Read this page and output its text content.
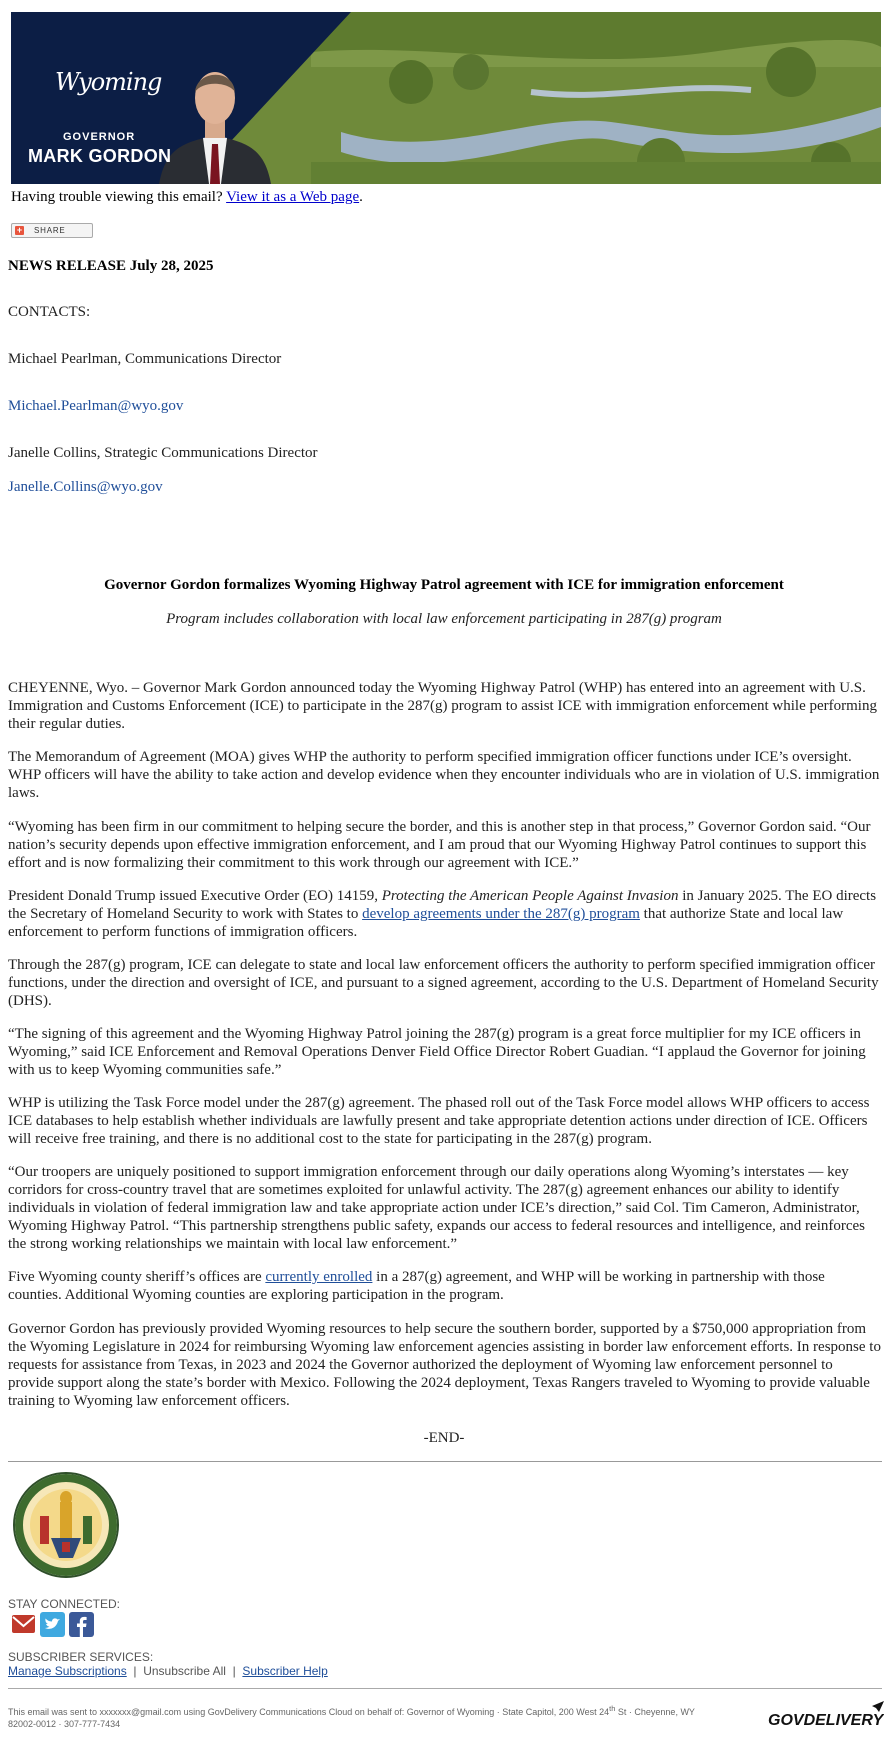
Wyoming
GOVERNOR
MARK GORDON
Having trouble viewing this email? View it as a Web page.
+ SHARE
NEWS RELEASE July 28, 2025
CONTACTS:
Michael Pearlman, Communications Director
Michael.Pearlman@wyo.gov
Janelle Collins, Strategic Communications Director
Janelle.Collins@wyo.gov
Governor Gordon formalizes Wyoming Highway Patrol agreement with ICE for immigration enforcement
Program includes collaboration with local law enforcement participating in 287(g) program
CHEYENNE, Wyo. – Governor Mark Gordon announced today the Wyoming Highway Patrol (WHP) has entered into an agreement with U.S. Immigration and Customs Enforcement (ICE) to participate in the 287(g) program to assist ICE with immigration enforcement while performing their regular duties.
The Memorandum of Agreement (MOA) gives WHP the authority to perform specified immigration officer functions under ICE’s oversight. WHP officers will have the ability to take action and develop evidence when they encounter individuals who are in violation of U.S. immigration laws.
“Wyoming has been firm in our commitment to helping secure the border, and this is another step in that process,” Governor Gordon said. “Our nation’s security depends upon effective immigration enforcement, and I am proud that our Wyoming Highway Patrol continues to support this effort and is now formalizing their commitment to this work through our agreement with ICE.”
President Donald Trump issued Executive Order (EO) 14159, Protecting the American People Against Invasion in January 2025. The EO directs the Secretary of Homeland Security to work with States to develop agreements under the 287(g) program that authorize State and local law enforcement to perform functions of immigration officers.
Through the 287(g) program, ICE can delegate to state and local law enforcement officers the authority to perform specified immigration officer functions, under the direction and oversight of ICE, and pursuant to a signed agreement, according to the U.S. Department of Homeland Security (DHS).
“The signing of this agreement and the Wyoming Highway Patrol joining the 287(g) program is a great force multiplier for my ICE officers in Wyoming,” said ICE Enforcement and Removal Operations Denver Field Office Director Robert Guadian. “I applaud the Governor for joining with us to keep Wyoming communities safe.”
WHP is utilizing the Task Force model under the 287(g) agreement. The phased roll out of the Task Force model allows WHP officers to access ICE databases to help establish whether individuals are lawfully present and take appropriate detention actions under direction of ICE. Officers will receive free training, and there is no additional cost to the state for participating in the 287(g) program.
“Our troopers are uniquely positioned to support immigration enforcement through our daily operations along Wyoming’s interstates — key corridors for cross-country travel that are sometimes exploited for unlawful activity. The 287(g) agreement enhances our ability to identify individuals in violation of federal immigration law and take appropriate action under ICE’s direction,” said Col. Tim Cameron, Administrator, Wyoming Highway Patrol. “This partnership strengthens public safety, expands our access to federal resources and intelligence, and reinforces the strong working relationships we maintain with local law enforcement.”
Five Wyoming county sheriff’s offices are currently enrolled in a 287(g) agreement, and WHP will be working in partnership with those counties. Additional Wyoming counties are exploring participation in the program.
Governor Gordon has previously provided Wyoming resources to help secure the southern border, supported by a $750,000 appropriation from the Wyoming Legislature in 2024 for reimbursing Wyoming law enforcement agencies assisting in border law enforcement efforts. In response to requests for assistance from Texas, in 2023 and 2024 the Governor authorized the deployment of Wyoming law enforcement personnel to provide support along the state’s border with Mexico. Following the 2024 deployment, Texas Rangers traveled to Wyoming to provide valuable training to Wyoming law enforcement officers.
-END-
STAY CONNECTED:
SUBSCRIBER SERVICES:
Manage Subscriptions | Unsubscribe All | Subscriber Help
This email was sent to xxxxxxx@gmail.com using GovDelivery Communications Cloud on behalf of: Governor of Wyoming · State Capitol, 200 West 24th St · Cheyenne, WY
82002-0012 · 307-777-7434	GOVDELIVERY
